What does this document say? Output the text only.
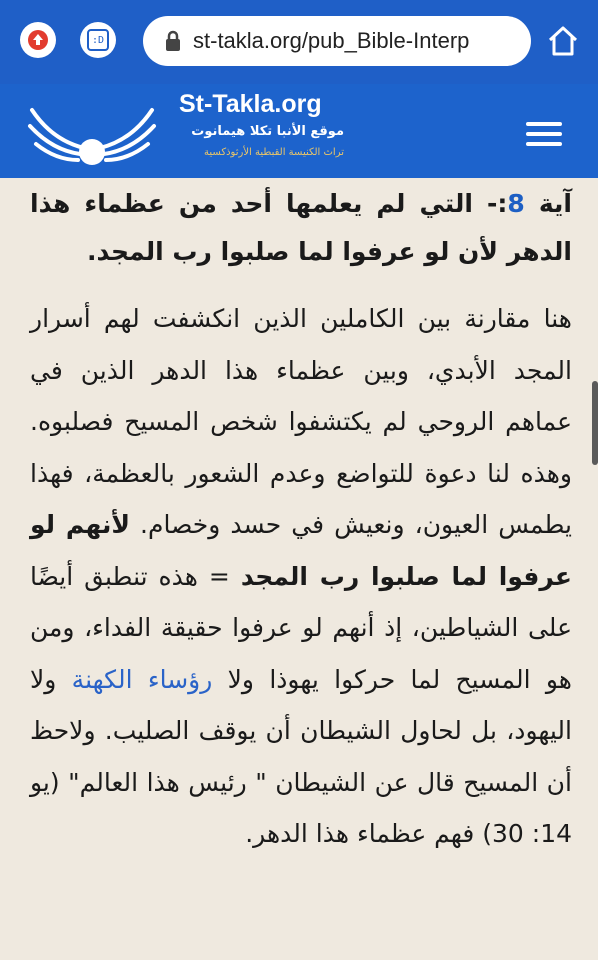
:D	st-takla.org/pub_Bible-Interp
St-Takla.org
موقع الأنبا تكلا هيمانوت
تراث الكنيسة القبطية الأرثوذكسية

آية 8:- التي لم يعلمها أحد من عظماء هذا الدهر لأن لو عرفوا لما صلبوا رب المجد.

هنا مقارنة بين الكاملين الذين انكشفت لهم أسرار المجد الأبدي، وبين عظماء هذا الدهر الذين في عماهم الروحي لم يكتشفوا شخص المسيح فصلبوه. وهذه لنا دعوة للتواضع وعدم الشعور بالعظمة، فهذا يطمس العيون، ونعيش في حسد وخصام. لأنهم لو عرفوا لما صلبوا رب المجد = هذه تنطبق أيضًا على الشياطين، إذ أنهم لو عرفوا حقيقة الفداء، ومن هو المسيح لما حركوا يهوذا ولا رؤساء الكهنة ولا اليهود، بل لحاول الشيطان أن يوقف الصليب. ولاحظ أن المسيح قال عن الشيطان " رئيس هذا العالم" (يو 14: 30) فهم عظماء هذا الدهر.
